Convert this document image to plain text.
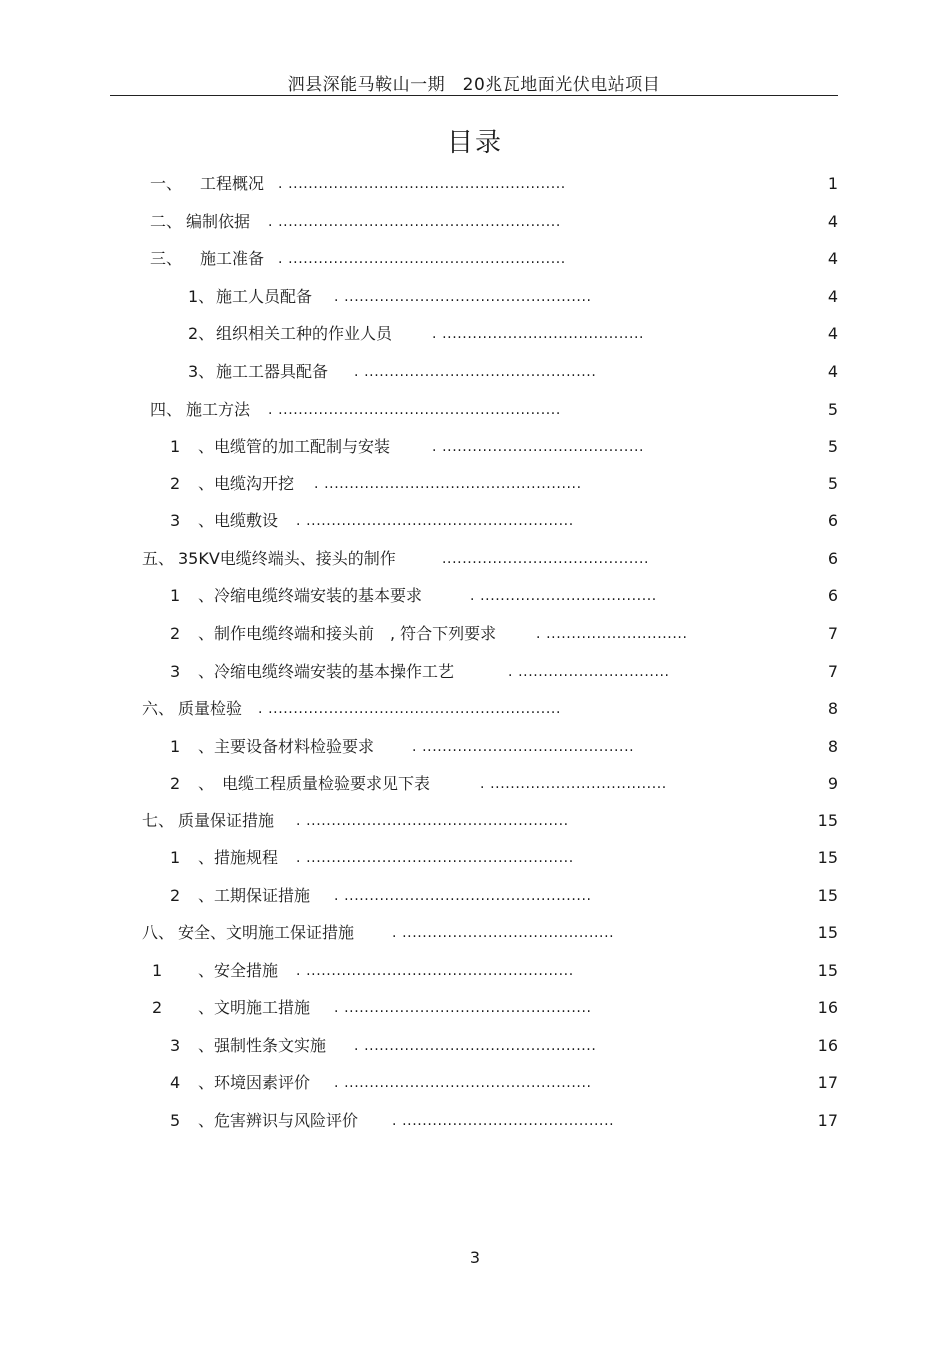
泗县深能马鞍山一期　20兆瓦地面光伏电站项目
目录
一、 工程概况 . .......................................................	1
二、 编制依据 . ........................................................	4
三、 施工准备 . .......................................................	4
1、 施工人员配备 . .................................................	4
2、 组织相关工种的作业人员	. ........................................	4
3、 施工工器具配备 . ..............................................	4
四、 施工方法 . ........................................................	5
1 、电缆管的加工配制与安装	. ........................................	5
2 、电缆沟开挖 . ...................................................	5
3 、电缆敷设 . .....................................................	6
五、 35KV电缆终端头、接头的制作	.........................................	6
1 、冷缩电缆终端安装的基本要求	. ...................................	6
2 、制作电缆终端和接头前　, 符合下列要求	. ............................	7
3 、冷缩电缆终端安装的基本操作工艺	. ..............................	7
六、 质量检验 . ..........................................................	8
1 、主要设备材料检验要求	. ..........................................	8
2 、　电缆工程质量检验要求见下表	. ...................................	9
七、 质量保证措施 . ....................................................	15
1 、措施规程 . .....................................................	15
2 、工期保证措施 . .................................................	15
八、 安全、文明施工保证措施	. ..........................................	15
1 、安全措施 . .....................................................	15
2 、文明施工措施 . .................................................	16
3 、强制性条文实施 . ..............................................	16
4 、环境因素评价 . .................................................	17
5 、危害辨识与风险评价 . ..........................................	17
3
